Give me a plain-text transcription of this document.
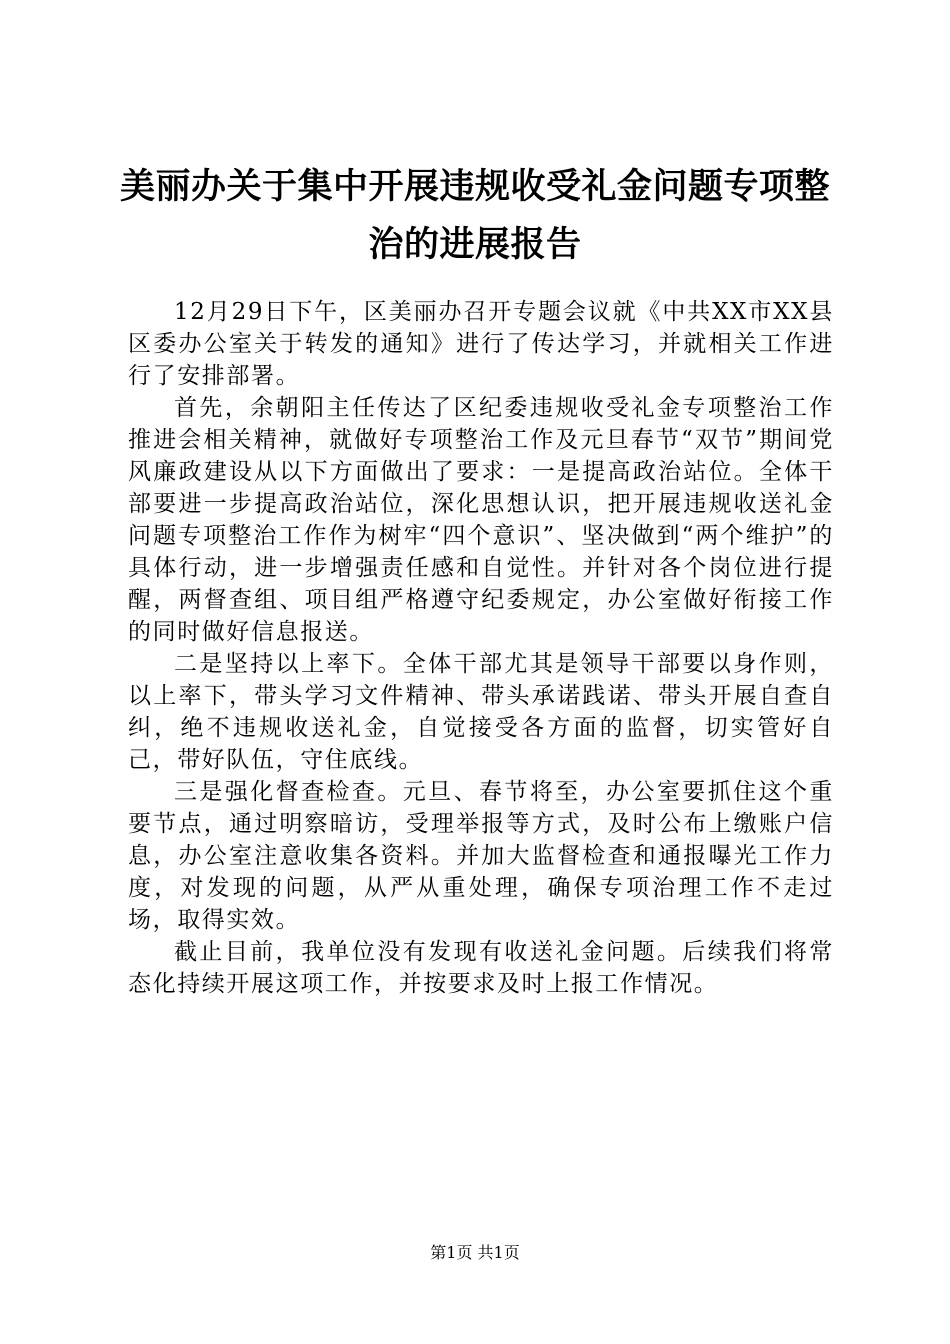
美丽办关于集中开展违规收受礼金问题专项整治的进展报告

12月29日下午，区美丽办召开专题会议就《中共XX市XX县区委办公室关于转发的通知》进行了传达学习，并就相关工作进行了安排部署。

首先，余朝阳主任传达了区纪委违规收受礼金专项整治工作推进会相关精神，就做好专项整治工作及元旦春节“双节”期间党风廉政建设从以下方面做出了要求：一是提高政治站位。全体干部要进一步提高政治站位，深化思想认识，把开展违规收送礼金问题专项整治工作作为树牢“四个意识”、坚决做到“两个维护”的具体行动，进一步增强责任感和自觉性。并针对各个岗位进行提醒，两督查组、项目组严格遵守纪委规定，办公室做好衔接工作的同时做好信息报送。

二是坚持以上率下。全体干部尤其是领导干部要以身作则，以上率下，带头学习文件精神、带头承诺践诺、带头开展自查自纠，绝不违规收送礼金，自觉接受各方面的监督，切实管好自己，带好队伍，守住底线。

三是强化督查检查。元旦、春节将至，办公室要抓住这个重要节点，通过明察暗访，受理举报等方式，及时公布上缴账户信息，办公室注意收集各资料。并加大监督检查和通报曝光工作力度，对发现的问题，从严从重处理，确保专项治理工作不走过场，取得实效。

截止目前，我单位没有发现有收送礼金问题。后续我们将常态化持续开展这项工作，并按要求及时上报工作情况。

第1页 共1页
